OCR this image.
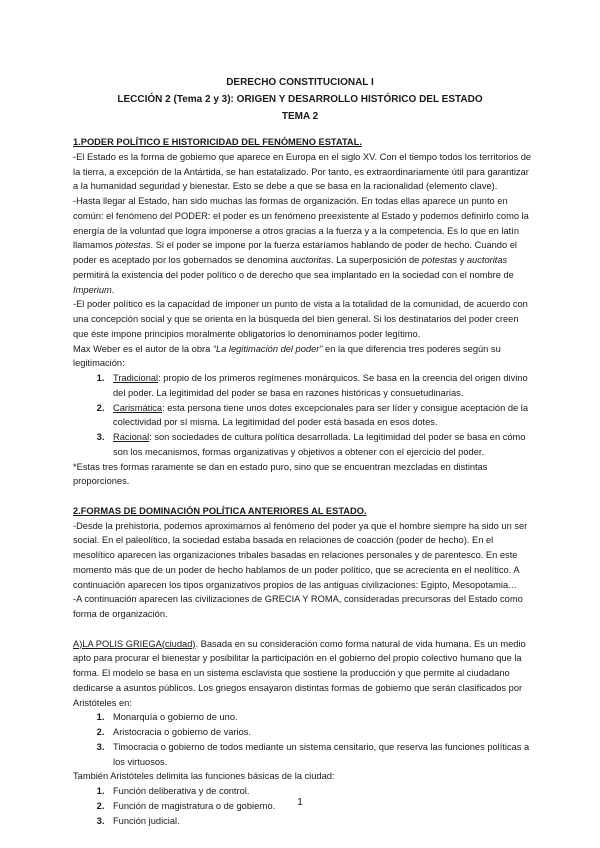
DERECHO CONSTITUCIONAL I
LECCIÓN 2 (Tema 2 y 3): ORIGEN Y DESARROLLO HISTÓRICO DEL ESTADO
TEMA 2

1.PODER POLÍTICO E HISTORICIDAD DEL FENÓMENO ESTATAL.

-El Estado es la forma de gobierno que aparece en Europa en el siglo XV. Con el tiempo todos los territorios de la tierra, a excepción de la Antártida, se han estatalizado. Por tanto, es extraordinariamente útil para garantizar a la humanidad seguridad y bienestar. Esto se debe a que se basa en la racionalidad (elemento clave).

-Hasta llegar al Estado, han sido muchas las formas de organización. En todas ellas aparece un punto en común: el fenómeno del PODER: el poder es un fenómeno preexistente al Estado y podemos definirlo como la energía de la voluntad que logra imponerse a otros gracias a la fuerza y a la competencia. Es lo que en latín llamamos potestas. Si el poder se impone por la fuerza estaríamos hablando de poder de hecho. Cuando el poder es aceptado por los gobernados se denomina auctoritas. La superposición de potestas y auctoritas permitirá la existencia del poder político o de derecho que sea implantado en la sociedad con el nombre de Imperium.

-El poder político es la capacidad de imponer un punto de vista a la totalidad de la comunidad, de acuerdo con una concepción social y que se orienta en la búsqueda del bien general. Si los destinatarios del poder creen que éste impone principios moralmente obligatorios lo denominamos poder legítimo.

Max Weber es el autor de la obra “La legitimación del poder” en la que diferencia tres poderes según su legitimación:

1. Tradicional: propio de los primeros regímenes monárquicos. Se basa en la creencia del origen divino del poder. La legitimidad del poder se basa en razones históricas y consuetudinarias.
2. Carismática: esta persona tiene unos dotes excepcionales para ser líder y consigue aceptación de la colectividad por sí misma. La legitimidad del poder está basada en esos dotes.
3. Racional: son sociedades de cultura política desarrollada. La legitimidad del poder se basa en cómo son los mecanismos, formas organizativas y objetivos a obtener con el ejercicio del poder.

*Estas tres formas raramente se dan en estado puro, sino que se encuentran mezcladas en distintas proporciones.

2.FORMAS DE DOMINACIÓN POLÍTICA ANTERIORES AL ESTADO.

-Desde la prehistoria, podemos aproximarnos al fenómeno del poder ya que el hombre siempre ha sido un ser social. En el paleolítico, la sociedad estaba basada en relaciones de coacción (poder de hecho). En el mesolítico aparecen las organizaciones tribales basadas en relaciones personales y de parentesco. En este momento más que de un poder de hecho hablamos de un poder político, que se acrecienta en el neolítico. A continuación aparecen los tipos organizativos propios de las antiguas civilizaciones: Egipto, Mesopotamia…

-A continuación aparecen las civilizaciones de GRECIA Y ROMA, consideradas precursoras del Estado como forma de organización.

A)LA POLIS GRIEGA(ciudad). Basada en su consideración como forma natural de vida humana. Es un medio apto para procurar el bienestar y posibilitar la participación en el gobierno del propio colectivo humano que la forma. El modelo se basa en un sistema esclavista que sostiene la producción y que permite al ciudadano dedicarse a asuntos públicos. Los griegos ensayaron distintas formas de gobierno que serán clasificados por Aristóteles en:

1. Monarquía o gobierno de uno.
2. Aristocracia o gobierno de varios.
3. Timocracia o gobierno de todos mediante un sistema censitario, que reserva las funciones políticas a los virtuosos.

También Aristóteles delimita las funciones básicas de la ciudad:

1. Función deliberativa y de control.
2. Función de magistratura o de gobierno.
3. Función judicial.
1
